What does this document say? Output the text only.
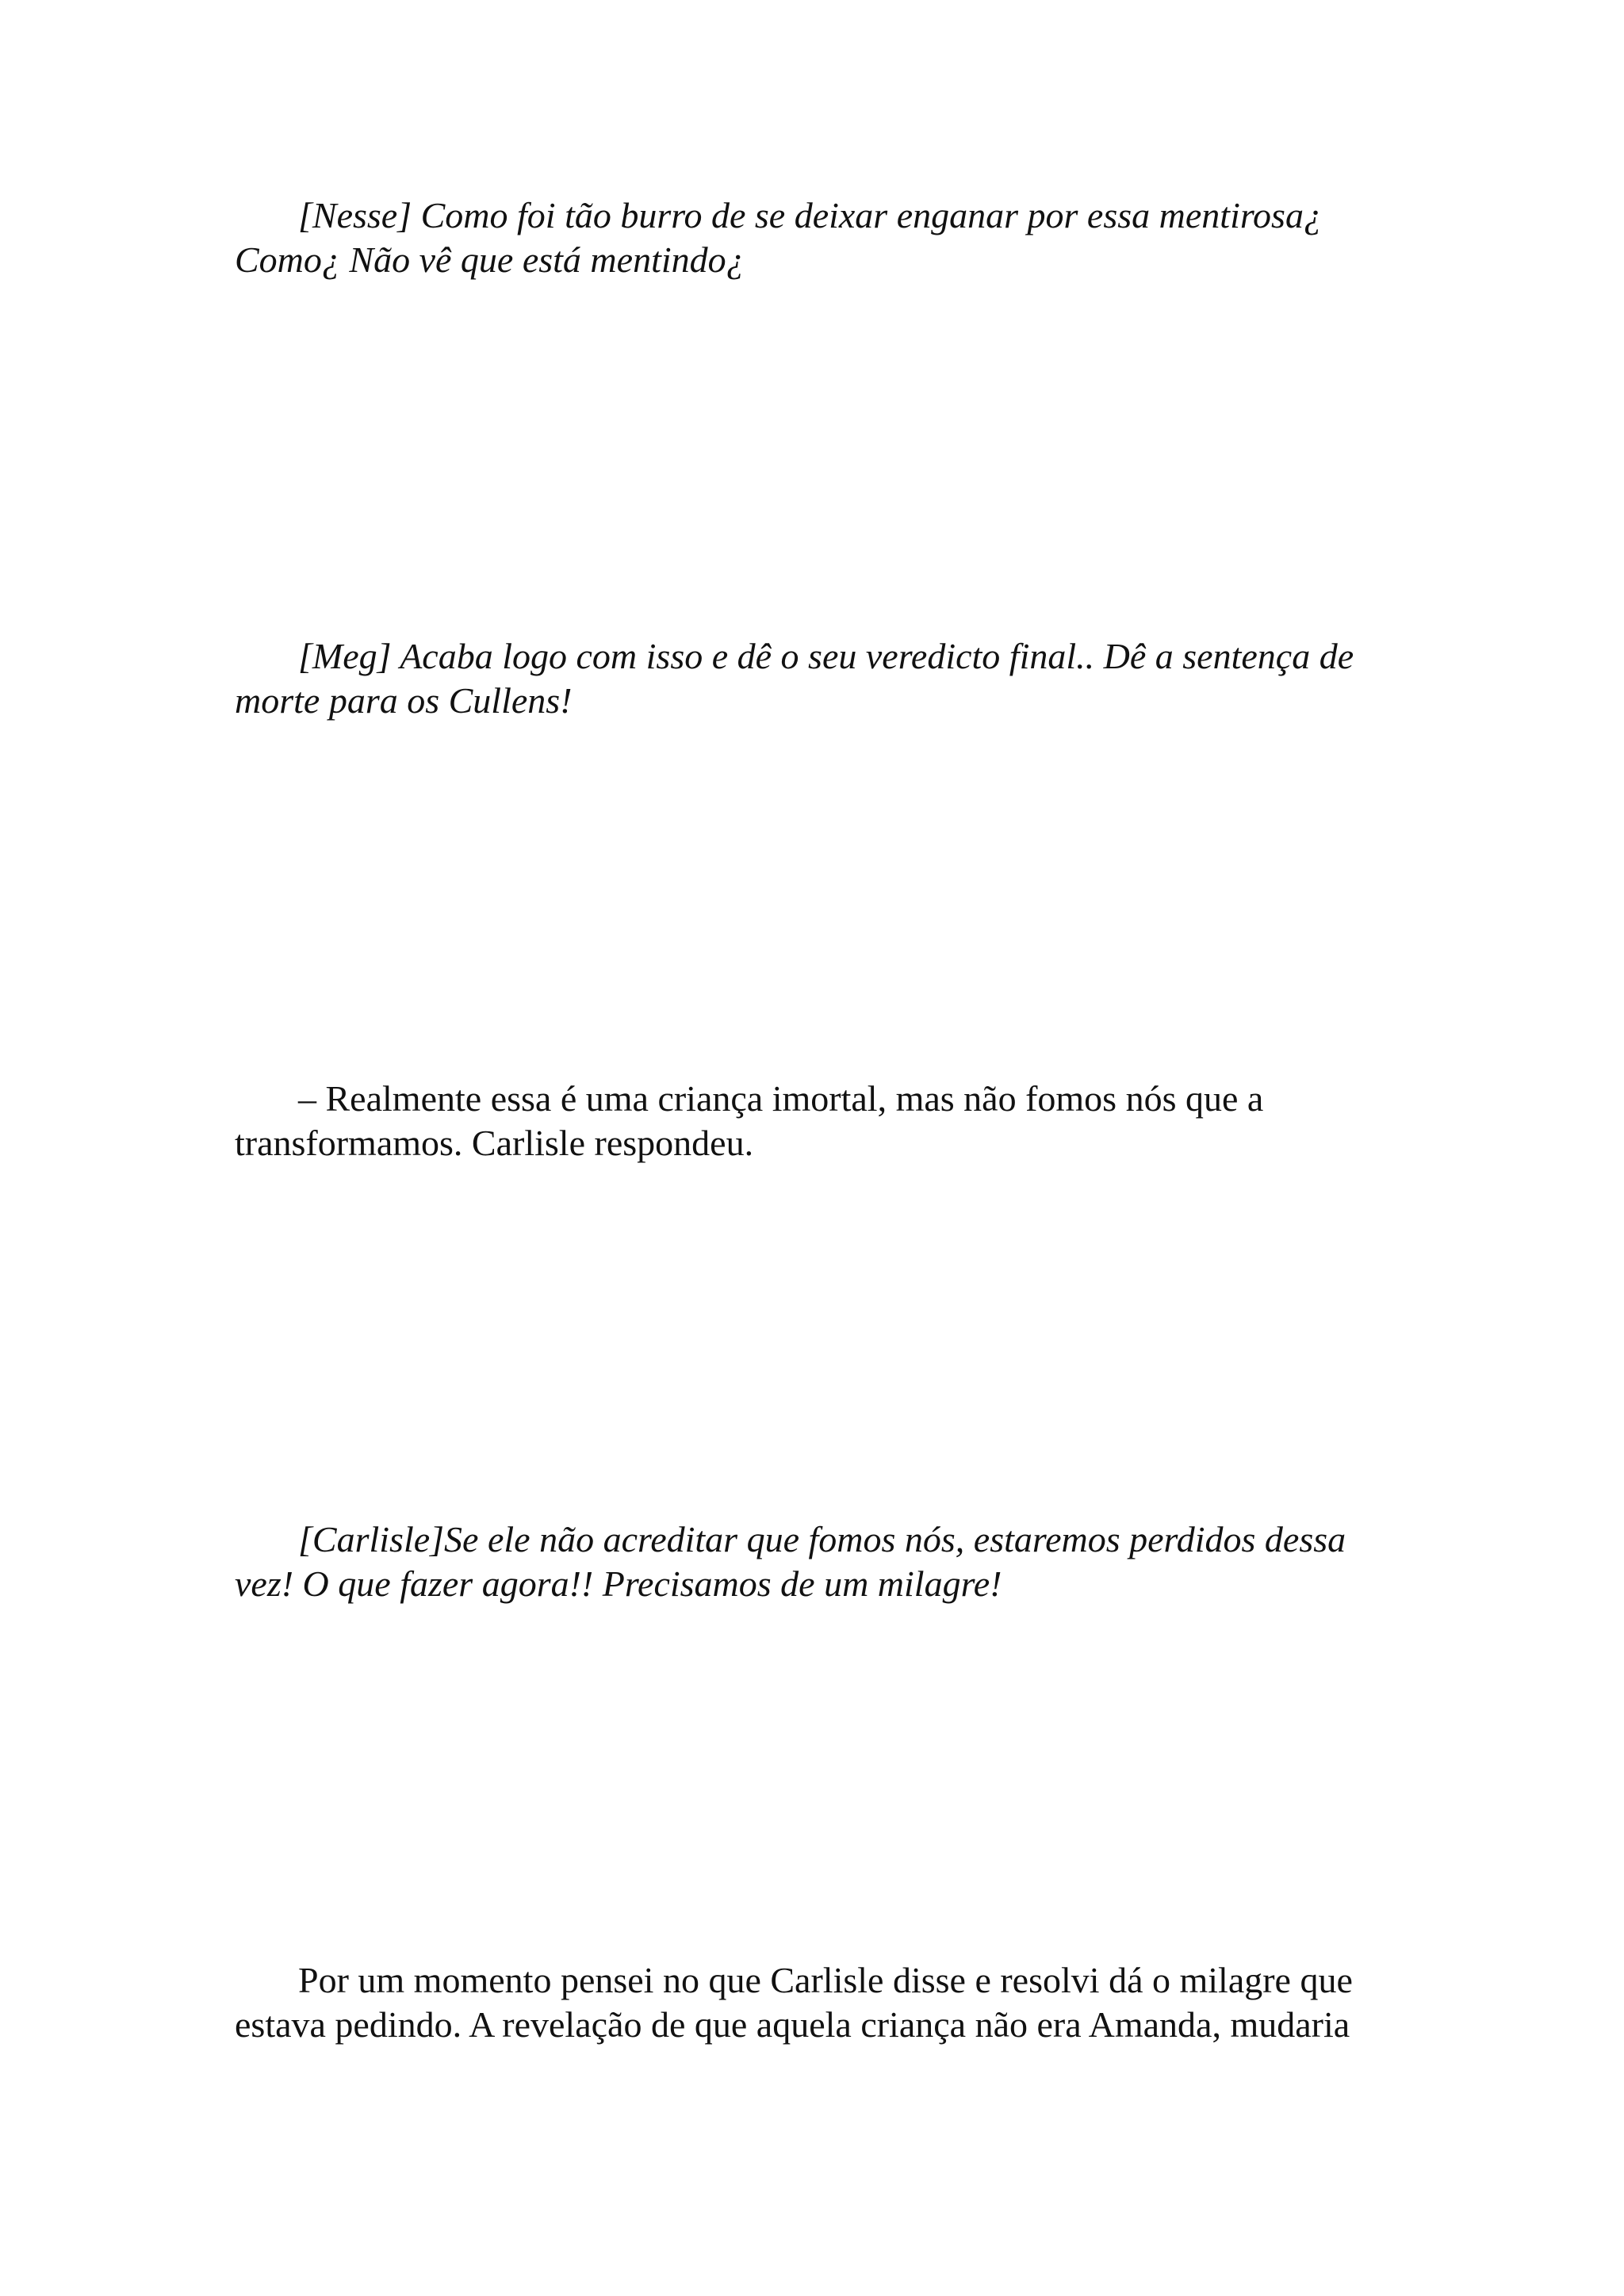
[Nesse] Como foi tão burro de se deixar enganar por essa mentirosa¿
Como¿ Não vê que está mentindo¿

[Meg] Acaba logo com isso e dê o seu veredicto final.. Dê a sentença de
morte para os Cullens!

– Realmente essa é uma criança imortal, mas não fomos nós que a
transformamos. Carlisle respondeu.

[Carlisle]Se ele não acreditar que fomos nós, estaremos perdidos dessa
vez! O que fazer agora!! Precisamos de um milagre!

Por um momento pensei no que Carlisle disse e resolvi dá o milagre que
estava pedindo. A revelação de que aquela criança não era Amanda, mudaria
